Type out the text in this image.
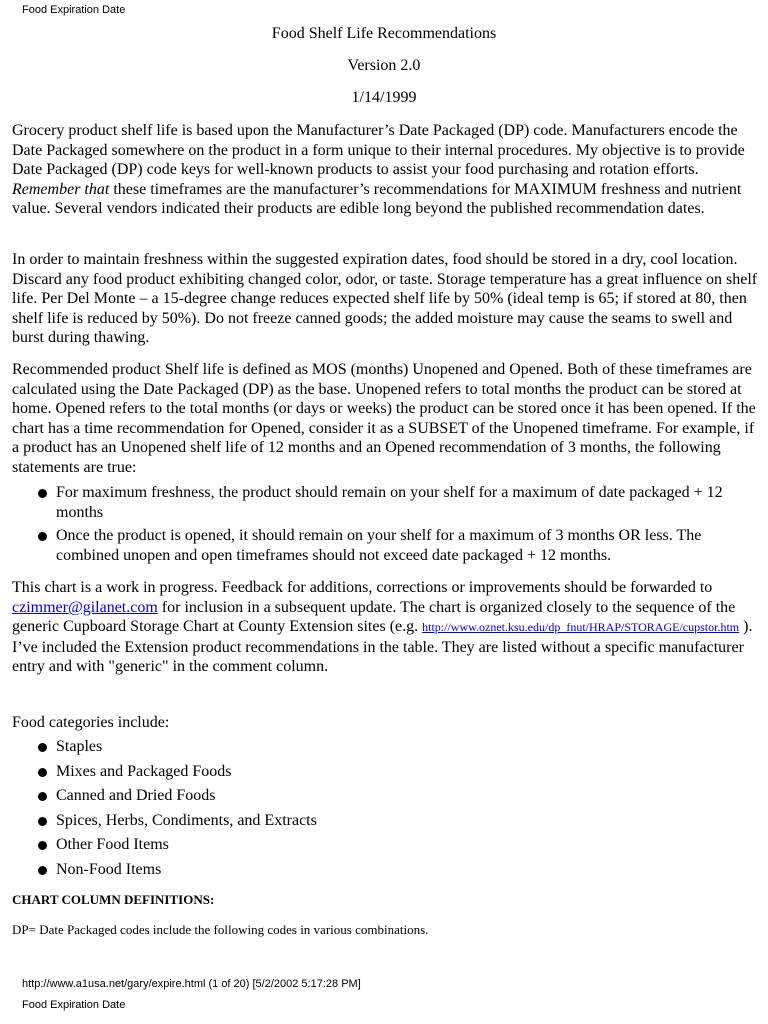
Food Expiration Date
Food Shelf Life Recommendations
Version 2.0
1/14/1999

Grocery product shelf life is based upon the Manufacturer’s Date Packaged (DP) code. Manufacturers encode the Date Packaged somewhere on the product in a form unique to their internal procedures. My objective is to provide Date Packaged (DP) code keys for well-known products to assist your food purchasing and rotation efforts. Remember that these timeframes are the manufacturer’s recommendations for MAXIMUM freshness and nutrient value. Several vendors indicated their products are edible long beyond the published recommendation dates.

In order to maintain freshness within the suggested expiration dates, food should be stored in a dry, cool location. Discard any food product exhibiting changed color, odor, or taste. Storage temperature has a great influence on shelf life. Per Del Monte – a 15-degree change reduces expected shelf life by 50% (ideal temp is 65; if stored at 80, then shelf life is reduced by 50%). Do not freeze canned goods; the added moisture may cause the seams to swell and burst during thawing.

Recommended product Shelf life is defined as MOS (months) Unopened and Opened. Both of these timeframes are calculated using the Date Packaged (DP) as the base. Unopened refers to total months the product can be stored at home. Opened refers to the total months (or days or weeks) the product can be stored once it has been opened. If the chart has a time recommendation for Opened, consider it as a SUBSET of the Unopened timeframe. For example, if a product has an Unopened shelf life of 12 months and an Opened recommendation of 3 months, the following statements are true:

For maximum freshness, the product should remain on your shelf for a maximum of date packaged + 12 months
Once the product is opened, it should remain on your shelf for a maximum of 3 months OR less. The combined unopen and open timeframes should not exceed date packaged + 12 months.

This chart is a work in progress. Feedback for additions, corrections or improvements should be forwarded to czimmer@gilanet.com for inclusion in a subsequent update. The chart is organized closely to the sequence of the generic Cupboard Storage Chart at County Extension sites (e.g. http://www.oznet.ksu.edu/dp_fnut/HRAP/STORAGE/cupstor.htm ). I’ve included the Extension product recommendations in the table. They are listed without a specific manufacturer entry and with "generic" in the comment column.

Food categories include:

Staples
Mixes and Packaged Foods
Canned and Dried Foods
Spices, Herbs, Condiments, and Extracts
Other Food Items
Non-Food Items
CHART COLUMN DEFINITIONS:
DP= Date Packaged codes include the following codes in various combinations.
http://www.a1usa.net/gary/expire.html (1 of 20) [5/2/2002 5:17:28 PM]
Food Expiration Date
